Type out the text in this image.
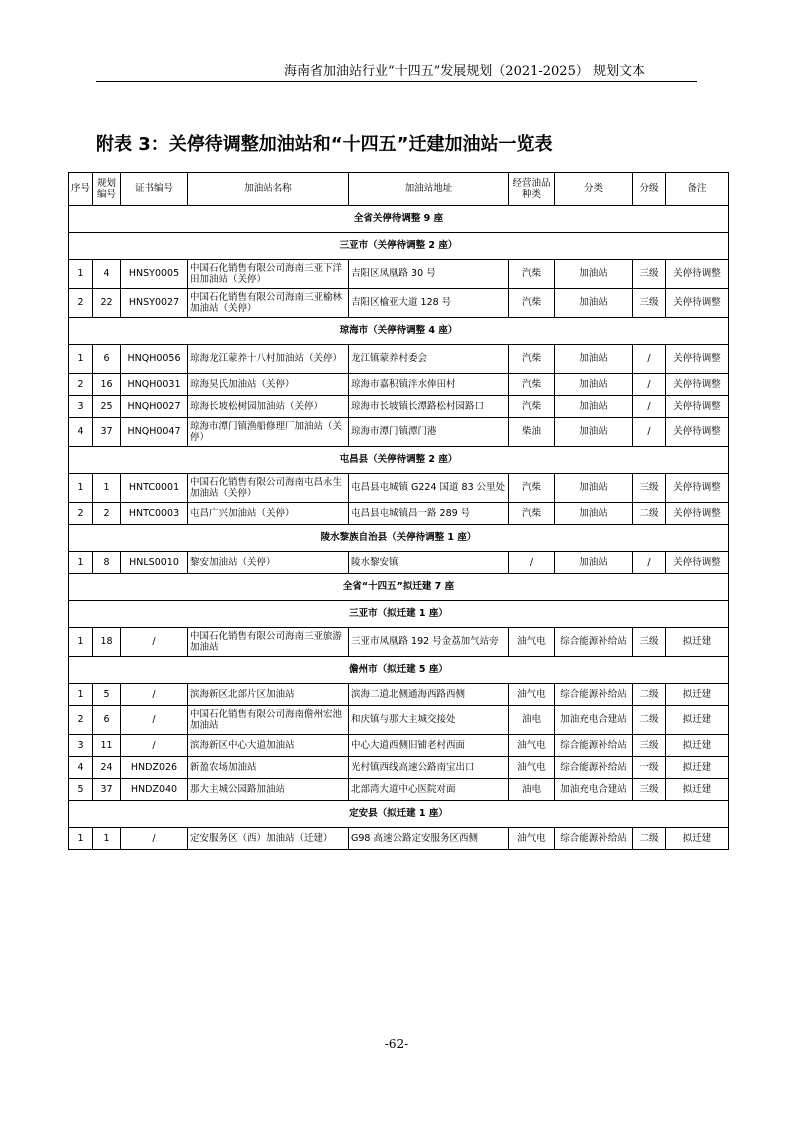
海南省加油站行业“十四五”发展规划（2021-2025） 规划文本
附表 3：关停待调整加油站和“十四五”迁建加油站一览表
序号	规划编号	证书编号	加油站名称	加油站地址	经营油品种类	分类	分级	备注
全省关停待调整 9 座								
三亚市（关停待调整 2 座）								
1	4	HNSY0005	中国石化销售有限公司海南三亚下洋田加油站（关停）	吉阳区凤凰路 30 号	汽柴	加油站	三级	关停待调整
2	22	HNSY0027	中国石化销售有限公司海南三亚榆林加油站（关停）	吉阳区榆亚大道 128 号	汽柴	加油站	三级	关停待调整
琼海市（关停待调整 4 座）								
1	6	HNQH0056	琼海龙江蒙养十八村加油站（关停）	龙江镇蒙养村委会	汽柴	加油站	/	关停待调整
2	16	HNQH0031	琼海昊氏加油站（关停）	琼海市嘉积镇泮水俸田村	汽柴	加油站	/	关停待调整
3	25	HNQH0027	琼海长坡松树园加油站（关停）	琼海市长坡镇长潭路松村园路口	汽柴	加油站	/	关停待调整
4	37	HNQH0047	琼海市潭门镇渔船修理厂加油站（关停）	琼海市潭门镇潭门港	柴油	加油站	/	关停待调整
屯昌县（关停待调整 2 座）								
1	1	HNTC0001	中国石化销售有限公司海南屯昌永生加油站（关停）	屯昌县屯城镇 G224 国道 83 公里处	汽柴	加油站	三级	关停待调整
2	2	HNTC0003	屯昌广兴加油站（关停）	屯昌县屯城镇昌一路 289 号	汽柴	加油站	二级	关停待调整
陵水黎族自治县（关停待调整 1 座）								
1	8	HNLS0010	黎安加油站（关停）	陵水黎安镇	/	加油站	/	关停待调整
全省“十四五”拟迁建 7 座								
三亚市（拟迁建 1 座）								
1	18	/	中国石化销售有限公司海南三亚旅游加油站	三亚市凤凰路 192 号金荔加气站旁	油气电	综合能源补给站	三级	拟迁建
儋州市（拟迁建 5 座）								
1	5	/	滨海新区北部片区加油站	滨海二道北侧通海西路西侧	油气电	综合能源补给站	二级	拟迁建
2	6	/	中国石化销售有限公司海南儋州宏池加油站	和庆镇与那大主城交接处	油电	加油充电合建站	二级	拟迁建
3	11	/	滨海新区中心大道加油站	中心大道西侧旧铺老村西面	油气电	综合能源补给站	三级	拟迁建
4	24	HNDZ026	新盈农场加油站	光村镇西线高速公路南宝出口	油气电	综合能源补给站	一级	拟迁建
5	37	HNDZ040	那大主城公园路加油站	北部湾大道中心医院对面	油电	加油充电合建站	三级	拟迁建
定安县（拟迁建 1 座）								
1	1	/	定安服务区（西）加油站（迁建）	G98 高速公路定安服务区西侧	油气电	综合能源补给站	二级	拟迁建
-62-
